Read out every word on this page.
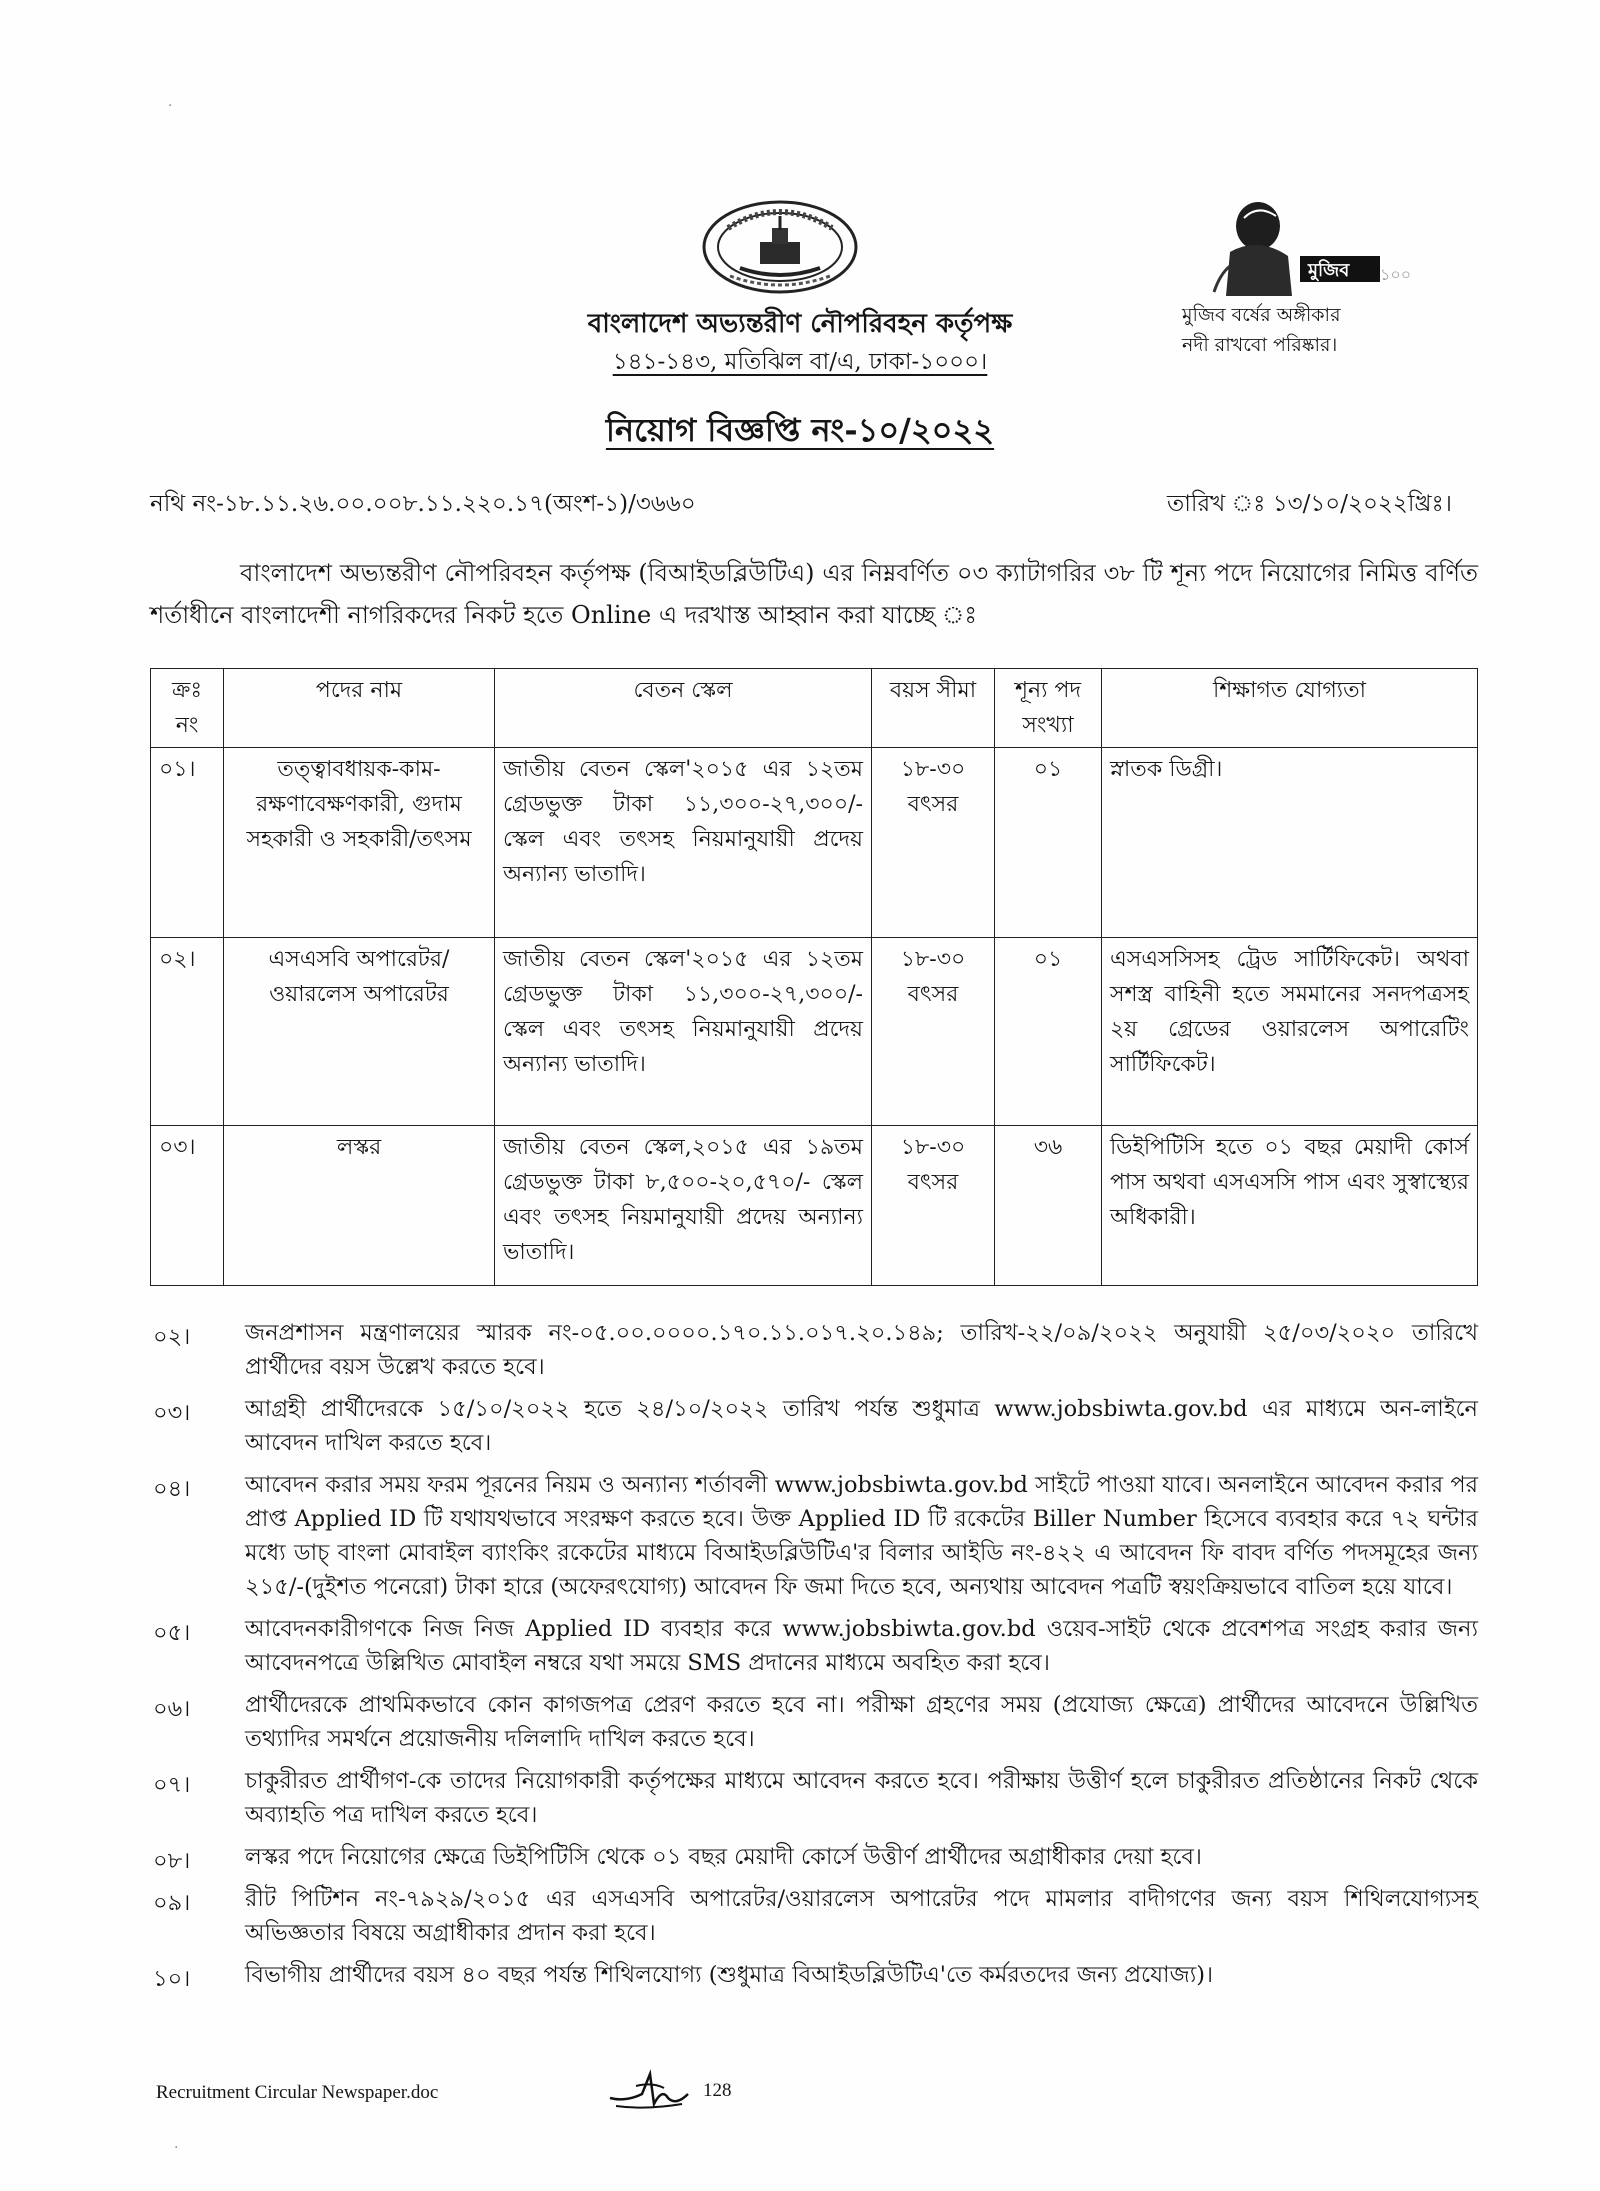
মুজিব ১০০
মুজিব বর্ষের অঙ্গীকার
নদী রাখবো পরিষ্কার।
বাংলাদেশ অভ্যন্তরীণ নৌপরিবহন কর্তৃপক্ষ
১৪১-১৪৩, মতিঝিল বা/এ, ঢাকা-১০০০।
নিয়োগ বিজ্ঞপ্তি নং-১০/২০২২
নথি নং-১৮.১১.২৬.০০.০০৮.১১.২২০.১৭(অংশ-১)/৩৬৬০	তারিখ ঃ ১৩/১০/২০২২খ্রিঃ।
বাংলাদেশ অভ্যন্তরীণ নৌপরিবহন কর্তৃপক্ষ (বিআইডব্লিউটিএ) এর নিম্নবর্ণিত ০৩ ক্যাটাগরির ৩৮ টি শূন্য পদে নিয়োগের নিমিত্ত বর্ণিত শর্তাধীনে বাংলাদেশী নাগরিকদের নিকট হতে Online এ দরখাস্ত আহ্বান করা যাচ্ছে ঃ
ক্রঃ নং	পদের নাম	বেতন স্কেল	বয়স সীমা	শূন্য পদ সংখ্যা	শিক্ষাগত যোগ্যতা
০১।	তত্ত্বাবধায়ক-কাম-রক্ষণাবেক্ষণকারী, গুদাম সহকারী ও সহকারী/তৎসম	জাতীয় বেতন স্কেল'২০১৫ এর ১২তম গ্রেডভুক্ত টাকা ১১,৩০০-২৭,৩০০/- স্কেল এবং তৎসহ নিয়মানুযায়ী প্রদেয় অন্যান্য ভাতাদি।	১৮-৩০ বৎসর	০১	স্নাতক ডিগ্রী।
০২।	এসএসবি অপারেটর/ ওয়ারলেস অপারেটর	জাতীয় বেতন স্কেল'২০১৫ এর ১২তম গ্রেডভুক্ত টাকা ১১,৩০০-২৭,৩০০/- স্কেল এবং তৎসহ নিয়মানুযায়ী প্রদেয় অন্যান্য ভাতাদি।	১৮-৩০ বৎসর	০১	এসএসসিসহ ট্রেড সার্টিফিকেট। অথবা সশস্ত্র বাহিনী হতে সমমানের সনদপত্রসহ ২য় গ্রেডের ওয়ারলেস অপারেটিং সার্টিফিকেট।
০৩।	লস্কর	জাতীয় বেতন স্কেল,২০১৫ এর ১৯তম গ্রেডভুক্ত টাকা ৮,৫০০-২০,৫৭০/- স্কেল এবং তৎসহ নিয়মানুযায়ী প্রদেয় অন্যান্য ভাতাদি।	১৮-৩০ বৎসর	৩৬	ডিইপিটিসি হতে ০১ বছর মেয়াদী কোর্স পাস অথবা এসএসসি পাস এবং সুস্বাস্থ্যের অধিকারী।
০২। জনপ্রশাসন মন্ত্রণালয়ের স্মারক নং-০৫.০০.০০০০.১৭০.১১.০১৭.২০.১৪৯; তারিখ-২২/০৯/২০২২ অনুযায়ী ২৫/০৩/২০২০ তারিখে প্রার্থীদের বয়স উল্লেখ করতে হবে।
০৩। আগ্রহী প্রার্থীদেরকে ১৫/১০/২০২২ হতে ২৪/১০/২০২২ তারিখ পর্যন্ত শুধুমাত্র www.jobsbiwta.gov.bd এর মাধ্যমে অন-লাইনে আবেদন দাখিল করতে হবে।
০৪। আবেদন করার সময় ফরম পূরনের নিয়ম ও অন্যান্য শর্তাবলী www.jobsbiwta.gov.bd সাইটে পাওয়া যাবে। অনলাইনে আবেদন করার পর প্রাপ্ত Applied ID টি যথাযথভাবে সংরক্ষণ করতে হবে। উক্ত Applied ID টি রকেটের Biller Number হিসেবে ব্যবহার করে ৭২ ঘন্টার মধ্যে ডাচ্ বাংলা মোবাইল ব্যাংকিং রকেটের মাধ্যমে বিআইডব্লিউটিএ'র বিলার আইডি নং-৪২২ এ আবেদন ফি বাবদ বর্ণিত পদসমূহের জন্য ২১৫/-(দুইশত পনেরো) টাকা হারে (অফেরৎযোগ্য) আবেদন ফি জমা দিতে হবে, অন্যথায় আবেদন পত্রটি স্বয়ংক্রিয়ভাবে বাতিল হয়ে যাবে।
০৫। আবেদনকারীগণকে নিজ নিজ Applied ID ব্যবহার করে www.jobsbiwta.gov.bd ওয়েব-সাইট থেকে প্রবেশপত্র সংগ্রহ করার জন্য আবেদনপত্রে উল্লিখিত মোবাইল নম্বরে যথা সময়ে SMS প্রদানের মাধ্যমে অবহিত করা হবে।
০৬। প্রার্থীদেরকে প্রাথমিকভাবে কোন কাগজপত্র প্রেরণ করতে হবে না। পরীক্ষা গ্রহণের সময় (প্রযোজ্য ক্ষেত্রে) প্রার্থীদের আবেদনে উল্লিখিত তথ্যাদির সমর্থনে প্রয়োজনীয় দলিলাদি দাখিল করতে হবে।
০৭। চাকুরীরত প্রার্থীগণ-কে তাদের নিয়োগকারী কর্তৃপক্ষের মাধ্যমে আবেদন করতে হবে। পরীক্ষায় উত্তীর্ণ হলে চাকুরীরত প্রতিষ্ঠানের নিকট থেকে অব্যাহতি পত্র দাখিল করতে হবে।
০৮। লস্কর পদে নিয়োগের ক্ষেত্রে ডিইপিটিসি থেকে ০১ বছর মেয়াদী কোর্সে উত্তীর্ণ প্রার্থীদের অগ্রাধীকার দেয়া হবে।
০৯। রীট পিটিশন নং-৭৯২৯/২০১৫ এর এসএসবি অপারেটর/ওয়ারলেস অপারেটর পদে মামলার বাদীগণের জন্য বয়স শিথিলযোগ্যসহ অভিজ্ঞতার বিষয়ে অগ্রাধীকার প্রদান করা হবে।
১০। বিভাগীয় প্রার্থীদের বয়স ৪০ বছর পর্যন্ত শিথিলযোগ্য (শুধুমাত্র বিআইডব্লিউটিএ'তে কর্মরতদের জন্য প্রযোজ্য)।
Recruitment Circular Newspaper.doc	128
·
·
